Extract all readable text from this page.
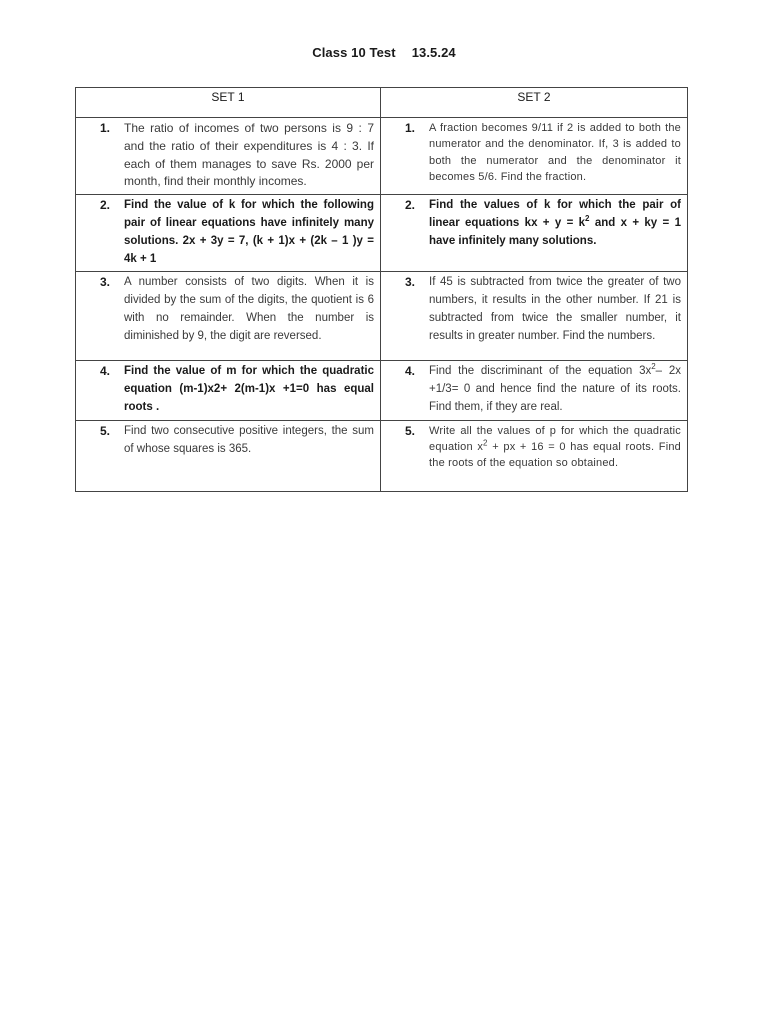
Class 10 Test 13.5.24
SET 1	SET 2

1. The ratio of incomes of two persons is 9 : 7 and the ratio of their expenditures is 4 : 3. If each of them manages to save Rs. 2000 per month, find their monthly incomes.	1. A fraction becomes 9/11 if 2 is added to both the numerator and the denominator. If, 3 is added to both the numerator and the denominator it becomes 5/6. Find the fraction.

2. Find the value of k for which the following pair of linear equations have infinitely many solutions. 2x + 3y = 7, (k + 1)x + (2k – 1 )y = 4k + 1	2. Find the values of k for which the pair of linear equations kx + $y = k^2$ and x + ky = 1 have infinitely many solutions.

3. A number consists of two digits. When it is divided by the sum of the digits, the quotient is 6 with no remainder. When the number is diminished by 9, the digit are reversed.	3. If 45 is subtracted from twice the greater of two numbers, it results in the other number. If 21 is subtracted from twice the smaller number, it results in greater number. Find the numbers.

4. Find the value of m for which the quadratic equation (m-1)x2+ 2(m-1)x +1=0 has equal roots .	4. Find the discriminant of the equation $3x^2-$ 2x +1/3= 0 and hence find the nature of its roots. Find them, if they are real.

5. Find two consecutive positive integers, the sum of whose squares is 365.	5. Write all the values of p for which the quadratic equation $x^2$ + px + 16 = 0 has equal roots. Find the roots of the equation so obtained.
